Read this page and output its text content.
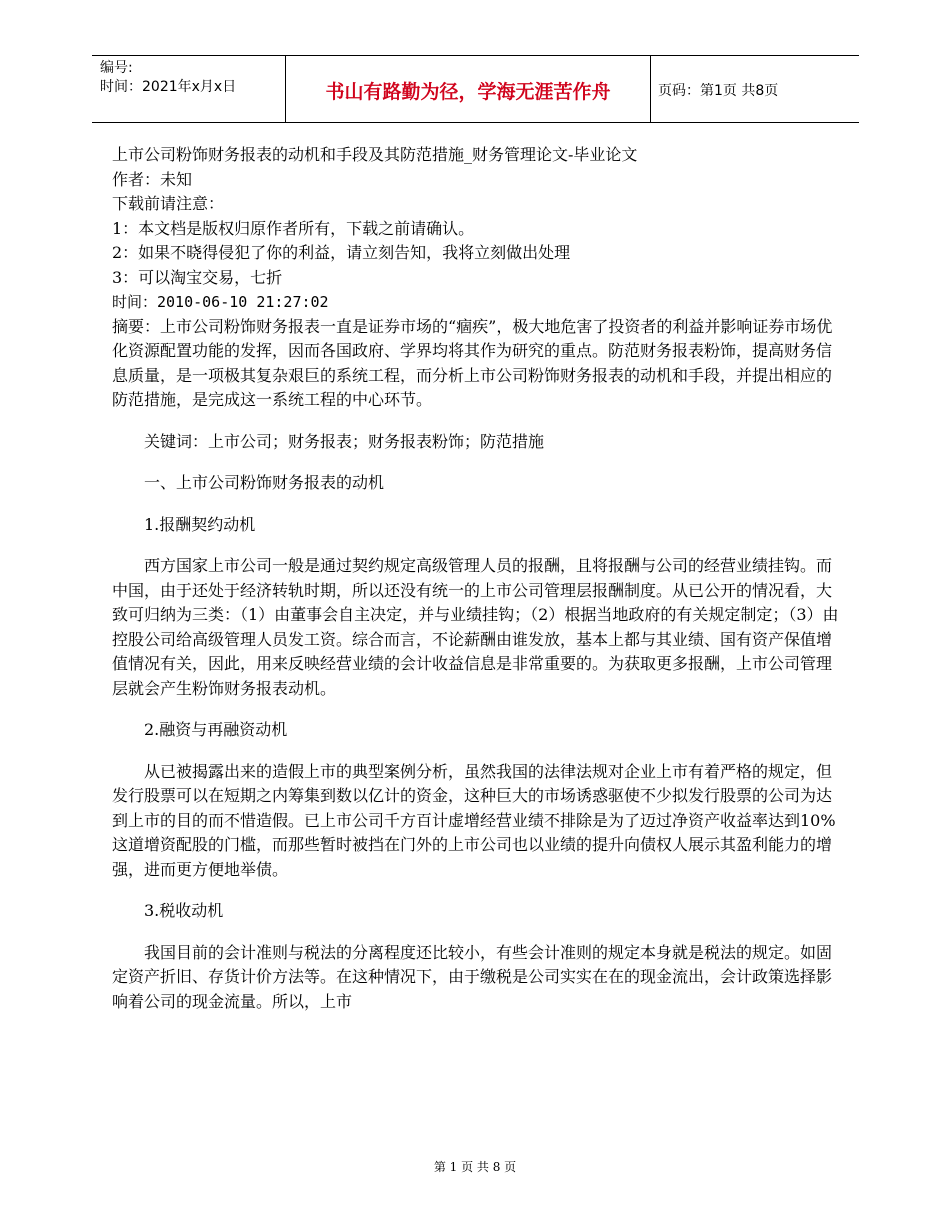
编号:
时间：2021年x月x日	书山有路勤为径，学海无涯苦作舟	页码：第1页 共8页

上市公司粉饰财务报表的动机和手段及其防范措施_财务管理论文-毕业论文

作者：未知

下载前请注意：

1：本文档是版权归原作者所有，下载之前请确认。

2：如果不晓得侵犯了你的利益，请立刻告知，我将立刻做出处理

3：可以淘宝交易，七折

时间：2010-06-10 21:27:02

摘要：上市公司粉饰财务报表一直是证券市场的“痼疾”，极大地危害了投资者的利益并影响证券市场优化资源配置功能的发挥，因而各国政府、学界均将其作为研究的重点。防范财务报表粉饰，提高财务信息质量，是一项极其复杂艰巨的系统工程，而分析上市公司粉饰财务报表的动机和手段，并提出相应的防范措施，是完成这一系统工程的中心环节。

关键词：上市公司；财务报表；财务报表粉饰；防范措施

一、上市公司粉饰财务报表的动机

1.报酬契约动机

西方国家上市公司一般是通过契约规定高级管理人员的报酬，且将报酬与公司的经营业绩挂钩。而中国，由于还处于经济转轨时期，所以还没有统一的上市公司管理层报酬制度。从已公开的情况看，大致可归纳为三类：（1）由董事会自主决定，并与业绩挂钩；（2）根据当地政府的有关规定制定；（3）由控股公司给高级管理人员发工资。综合而言，不论薪酬由谁发放，基本上都与其业绩、国有资产保值增值情况有关，因此，用来反映经营业绩的会计收益信息是非常重要的。为获取更多报酬，上市公司管理层就会产生粉饰财务报表动机。

2.融资与再融资动机

从已被揭露出来的造假上市的典型案例分析，虽然我国的法律法规对企业上市有着严格的规定，但发行股票可以在短期之内筹集到数以亿计的资金，这种巨大的市场诱惑驱使不少拟发行股票的公司为达到上市的目的而不惜造假。已上市公司千方百计虚增经营业绩不排除是为了迈过净资产收益率达到10%这道增资配股的门槛，而那些暂时被挡在门外的上市公司也以业绩的提升向债权人展示其盈利能力的增强，进而更方便地举债。

3.税收动机

我国目前的会计准则与税法的分离程度还比较小，有些会计准则的规定本身就是税法的规定。如固定资产折旧、存货计价方法等。在这种情况下，由于缴税是公司实实在在的现金流出，会计政策选择影响着公司的现金流量。所以，上市

第 1 页 共 8 页
